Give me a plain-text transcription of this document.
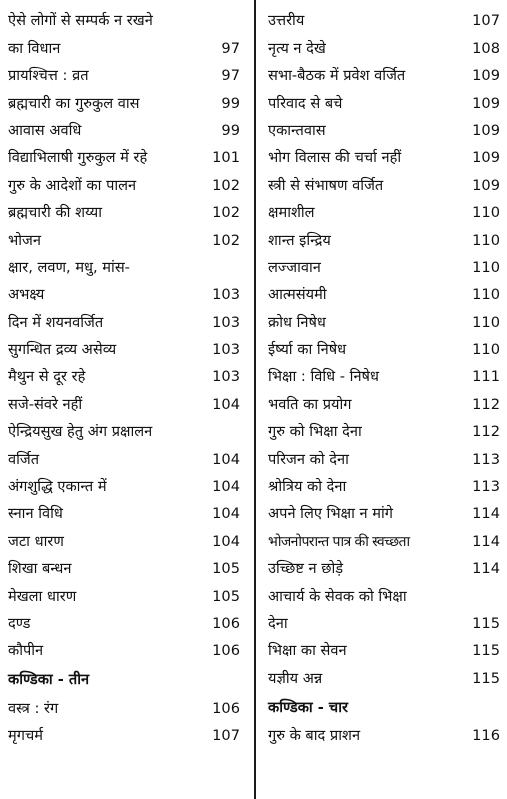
ऐसे लोगों से सम्पर्क न रखने
का विधान	97
प्रायश्चित्त : व्रत	97
ब्रह्मचारी का गुरुकुल वास	99
आवास अवधि	99
विद्याभिलाषी गुरुकुल में रहे	101
गुरु के आदेशों का पालन	102
ब्रह्मचारी की शय्या	102
भोजन	102
क्षार, लवण, मधु, मांस-
अभक्ष्य	103
दिन में शयनवर्जित	103
सुगन्धित द्रव्य असेव्य	103
मैथुन से दूर रहे	103
सजे-संवरे नहीं	104
ऐन्द्रियसुख हेतु अंग प्रक्षालन
वर्जित	104
अंगशुद्धि एकान्त में	104
स्नान विधि	104
जटा धारण	104
शिखा बन्धन	105
मेखला धारण	105
दण्ड	106
कौपीन	106
कण्डिका - तीन
वस्त्र : रंग	106
मृगचर्म	107
उत्तरीय	107
नृत्य न देखे	108
सभा-बैठक में प्रवेश वर्जित	109
परिवाद से बचे	109
एकान्तवास	109
भोग विलास की चर्चा नहीं	109
स्त्री से संभाषण वर्जित	109
क्षमाशील	110
शान्त इन्द्रिय	110
लज्जावान	110
आत्मसंयमी	110
क्रोध निषेध	110
ईर्ष्या का निषेध	110
भिक्षा : विधि - निषेध	111
भवति का प्रयोग	112
गुरु को भिक्षा देना	112
परिजन को देना	113
श्रोत्रिय को देना	113
अपने लिए भिक्षा न मांगे	114
भोजनोपरान्त पात्र की स्वच्छता	114
उच्छिष्ट न छोड़े	114
आचार्य के सेवक को भिक्षा
देना	115
भिक्षा का सेवन	115
यज्ञीय अन्न	115
कण्डिका - चार
गुरु के बाद प्राशन	116
